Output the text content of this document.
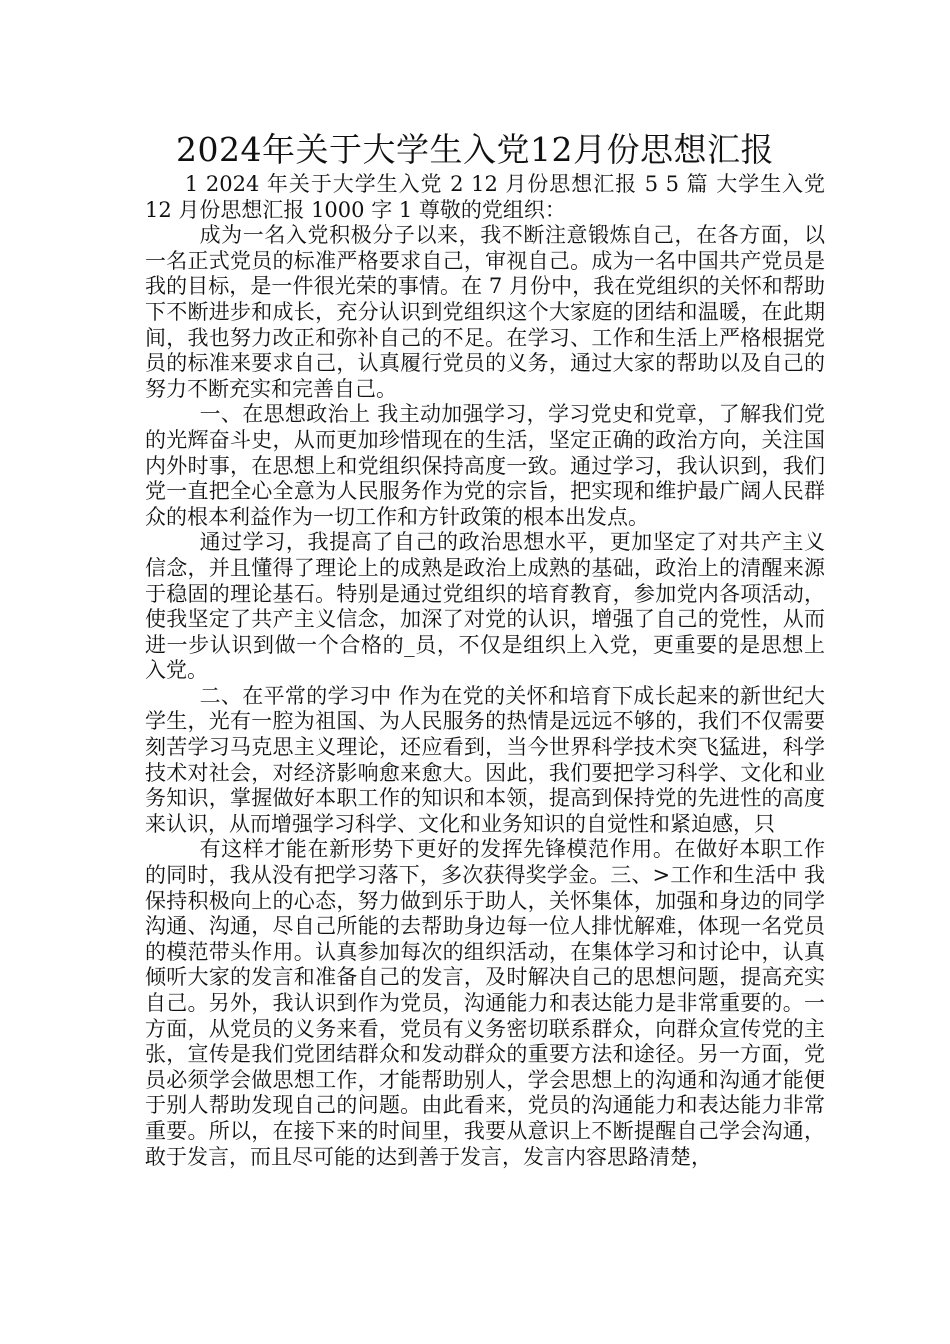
2024年关于大学生入党12月份思想汇报

1 2024 年关于大学生入党 2 12 月份思想汇报 5 5 篇 大学生入党 12 月份思想汇报 1000 字 1 尊敬的党组织：

成为一名入党积极分子以来，我不断注意锻炼自己，在各方面，以一名正式党员的标准严格要求自己，审视自己。成为一名中国共产党员是我的目标，是一件很光荣的事情。在 7 月份中，我在党组织的关怀和帮助下不断进步和成长，充分认识到党组织这个大家庭的团结和温暖，在此期间，我也努力改正和弥补自己的不足。在学习、工作和生活上严格根据党员的标准来要求自己，认真履行党员的义务，通过大家的帮助以及自己的努力不断充实和完善自己。

一、在思想政治上 我主动加强学习，学习党史和党章，了解我们党的光辉奋斗史，从而更加珍惜现在的生活，坚定正确的政治方向，关注国内外时事，在思想上和党组织保持高度一致。通过学习，我认识到，我们党一直把全心全意为人民服务作为党的宗旨，把实现和维护最广阔人民群众的根本利益作为一切工作和方针政策的根本出发点。

通过学习，我提高了自己的政治思想水平，更加坚定了对共产主义信念，并且懂得了理论上的成熟是政治上成熟的基础，政治上的清醒来源于稳固的理论基石。特别是通过党组织的培育教育，参加党内各项活动，使我坚定了共产主义信念，加深了对党的认识，增强了自己的党性，从而进一步认识到做一个合格的_员，不仅是组织上入党，更重要的是思想上入党。

二、在平常的学习中 作为在党的关怀和培育下成长起来的新世纪大学生，光有一腔为祖国、为人民服务的热情是远远不够的，我们不仅需要刻苦学习马克思主义理论，还应看到，当今世界科学技术突飞猛进，科学技术对社会，对经济影响愈来愈大。因此，我们要把学习科学、文化和业务知识，掌握做好本职工作的知识和本领，提高到保持党的先进性的高度来认识，从而增强学习科学、文化和业务知识的自觉性和紧迫感，只

有这样才能在新形势下更好的发挥先锋模范作用。在做好本职工作的同时，我从没有把学习落下，多次获得奖学金。三、>工作和生活中 我保持积极向上的心态，努力做到乐于助人，关怀集体，加强和身边的同学沟通、沟通，尽自己所能的去帮助身边每一位人排忧解难，体现一名党员的模范带头作用。认真参加每次的组织活动，在集体学习和讨论中，认真倾听大家的发言和准备自己的发言，及时解决自己的思想问题，提高充实自己。另外，我认识到作为党员，沟通能力和表达能力是非常重要的。一方面，从党员的义务来看，党员有义务密切联系群众，向群众宣传党的主张，宣传是我们党团结群众和发动群众的重要方法和途径。另一方面，党员必须学会做思想工作，才能帮助别人，学会思想上的沟通和沟通才能便于别人帮助发现自己的问题。由此看来，党员的沟通能力和表达能力非常重要。所以，在接下来的时间里，我要从意识上不断提醒自己学会沟通，敢于发言，而且尽可能的达到善于发言，发言内容思路清楚，
